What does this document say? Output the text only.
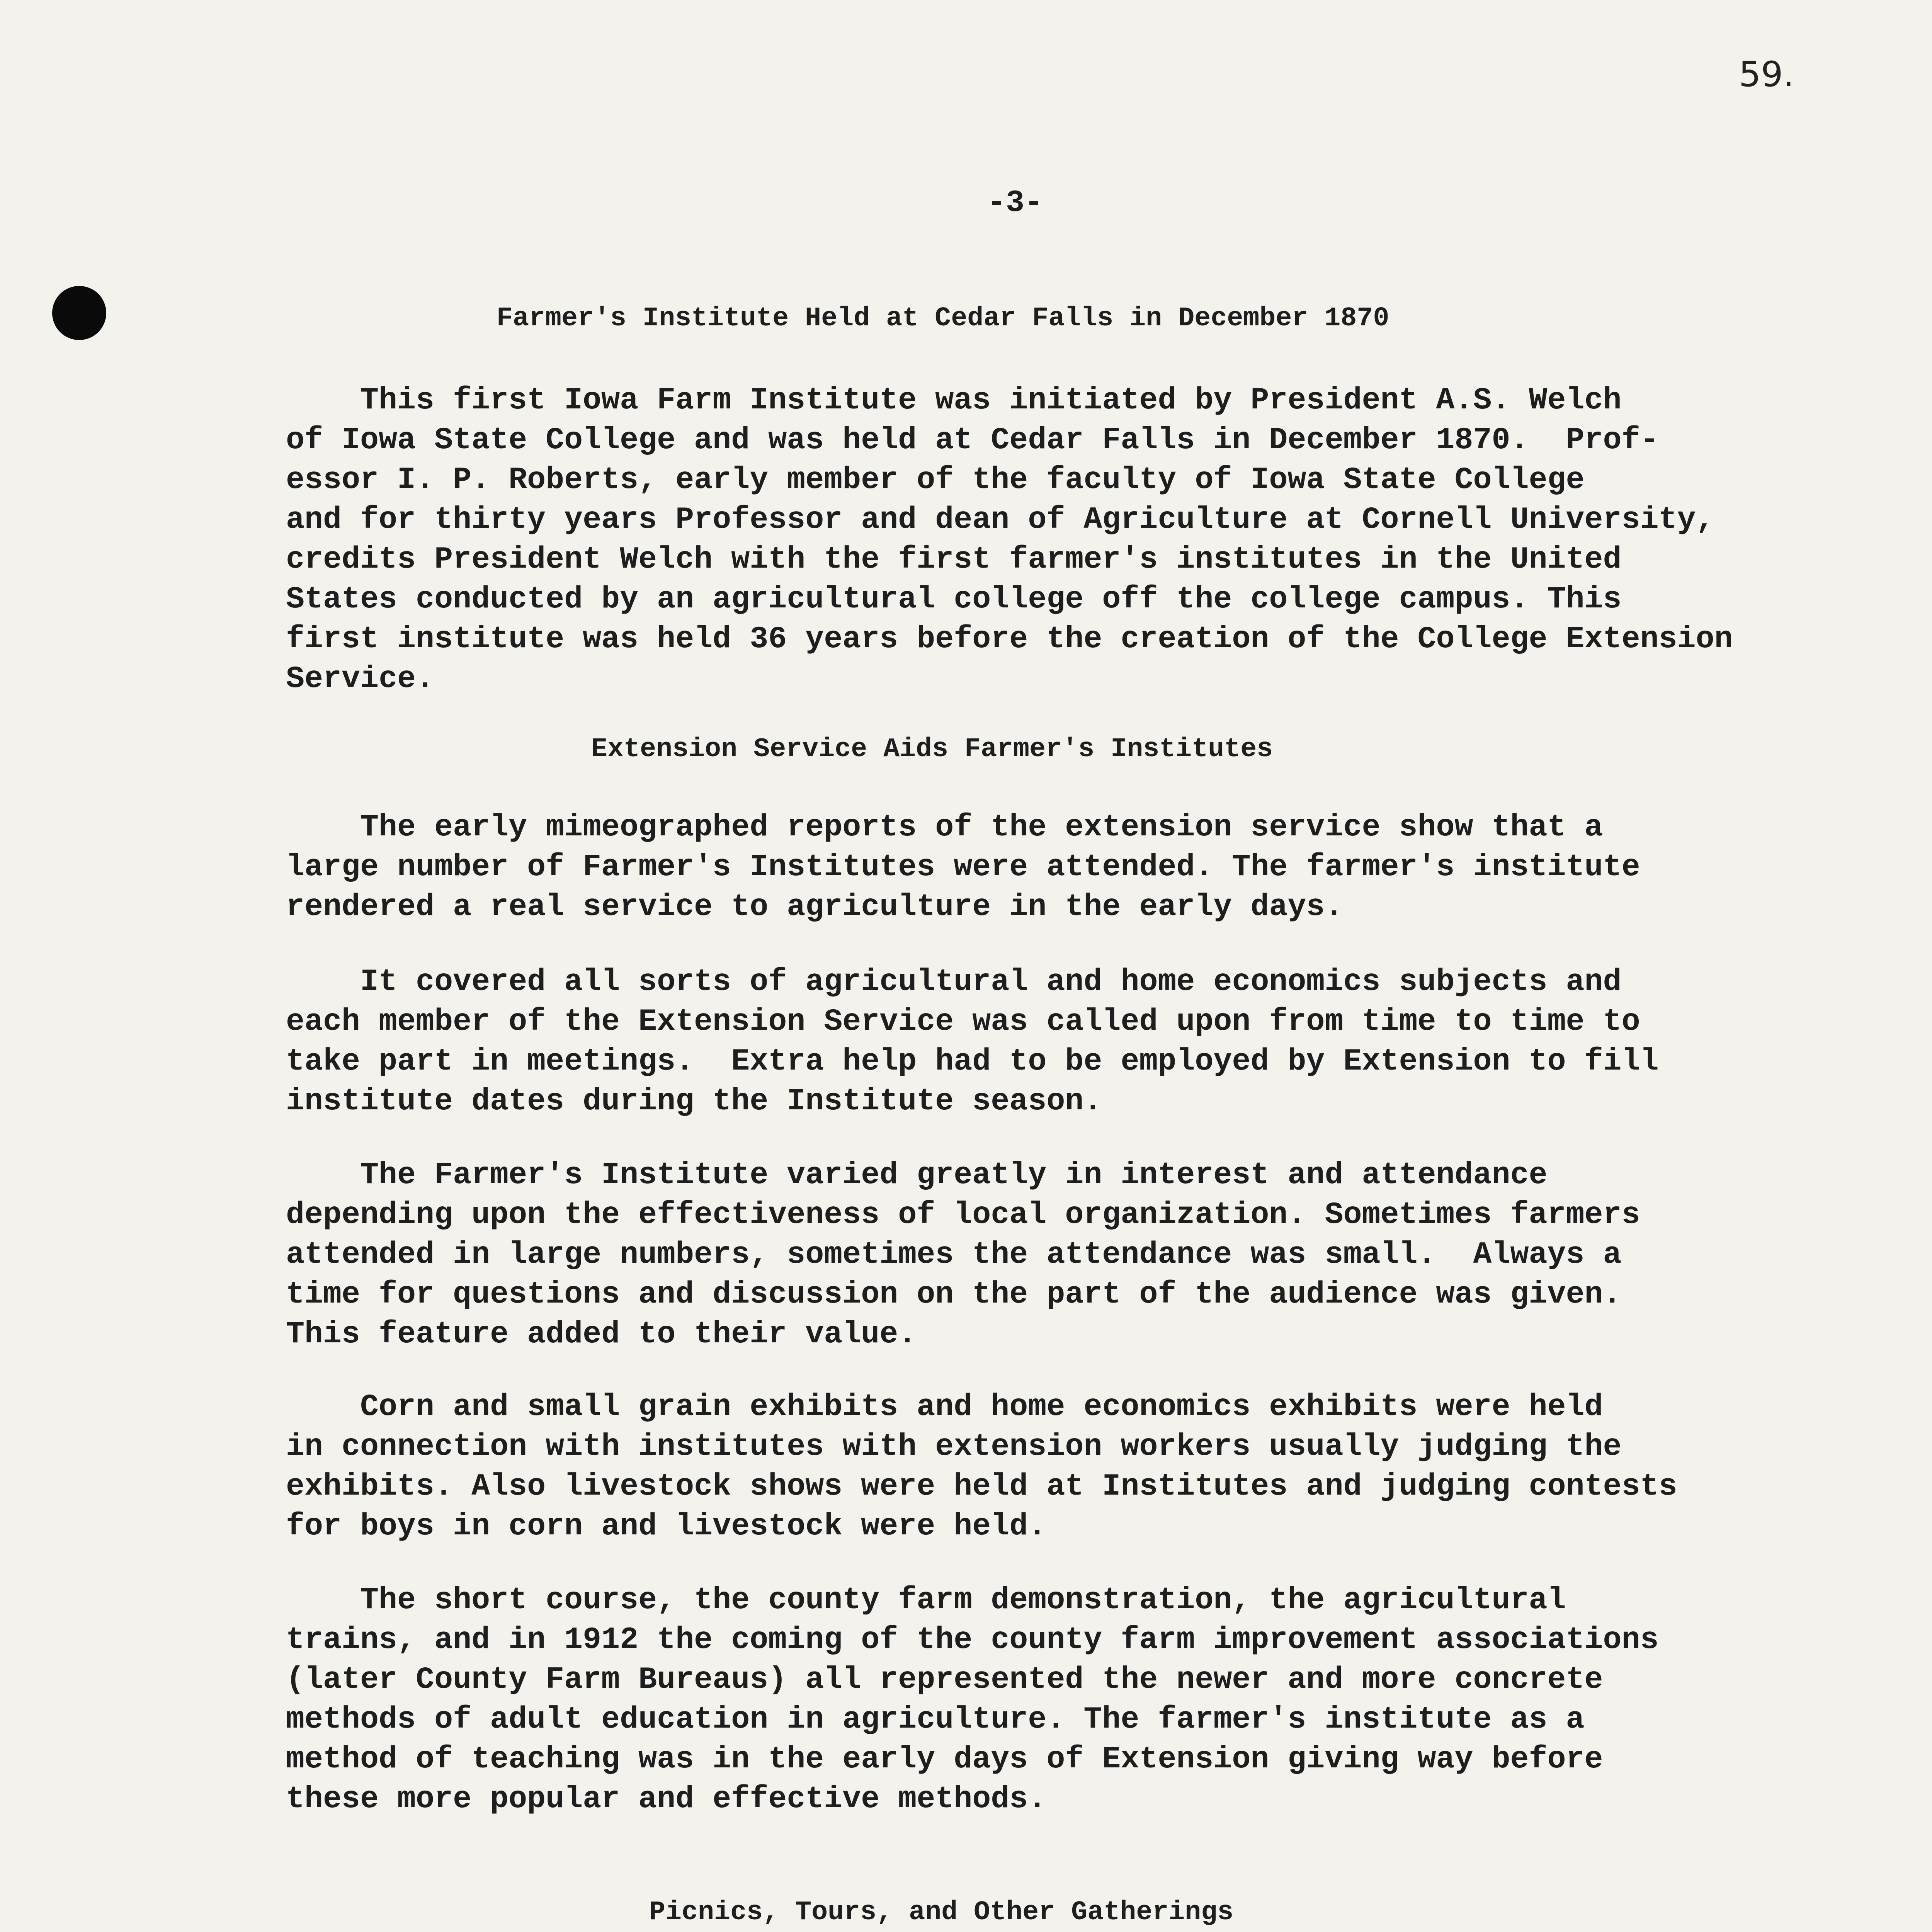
59.
-3-
Farmer's Institute Held at Cedar Falls in December 1870
This first Iowa Farm Institute was initiated by President A.S. Welch
of Iowa State College and was held at Cedar Falls in December 1870.  Prof-
essor I. P. Roberts, early member of the faculty of Iowa State College
and for thirty years Professor and dean of Agriculture at Cornell University,
credits President Welch with the first farmer's institutes in the United
States conducted by an agricultural college off the college campus. This
first institute was held 36 years before the creation of the College Extension
Service.
Extension Service Aids Farmer's Institutes
The early mimeographed reports of the extension service show that a
large number of Farmer's Institutes were attended. The farmer's institute
rendered a real service to agriculture in the early days.
It covered all sorts of agricultural and home economics subjects and
each member of the Extension Service was called upon from time to time to
take part in meetings.  Extra help had to be employed by Extension to fill
institute dates during the Institute season.
The Farmer's Institute varied greatly in interest and attendance
depending upon the effectiveness of local organization. Sometimes farmers
attended in large numbers, sometimes the attendance was small.  Always a
time for questions and discussion on the part of the audience was given.
This feature added to their value.
Corn and small grain exhibits and home economics exhibits were held
in connection with institutes with extension workers usually judging the
exhibits. Also livestock shows were held at Institutes and judging contests
for boys in corn and livestock were held.
The short course, the county farm demonstration, the agricultural
trains, and in 1912 the coming of the county farm improvement associations
(later County Farm Bureaus) all represented the newer and more concrete
methods of adult education in agriculture. The farmer's institute as a
method of teaching was in the early days of Extension giving way before
these more popular and effective methods.
Picnics, Tours, and Other Gatherings
